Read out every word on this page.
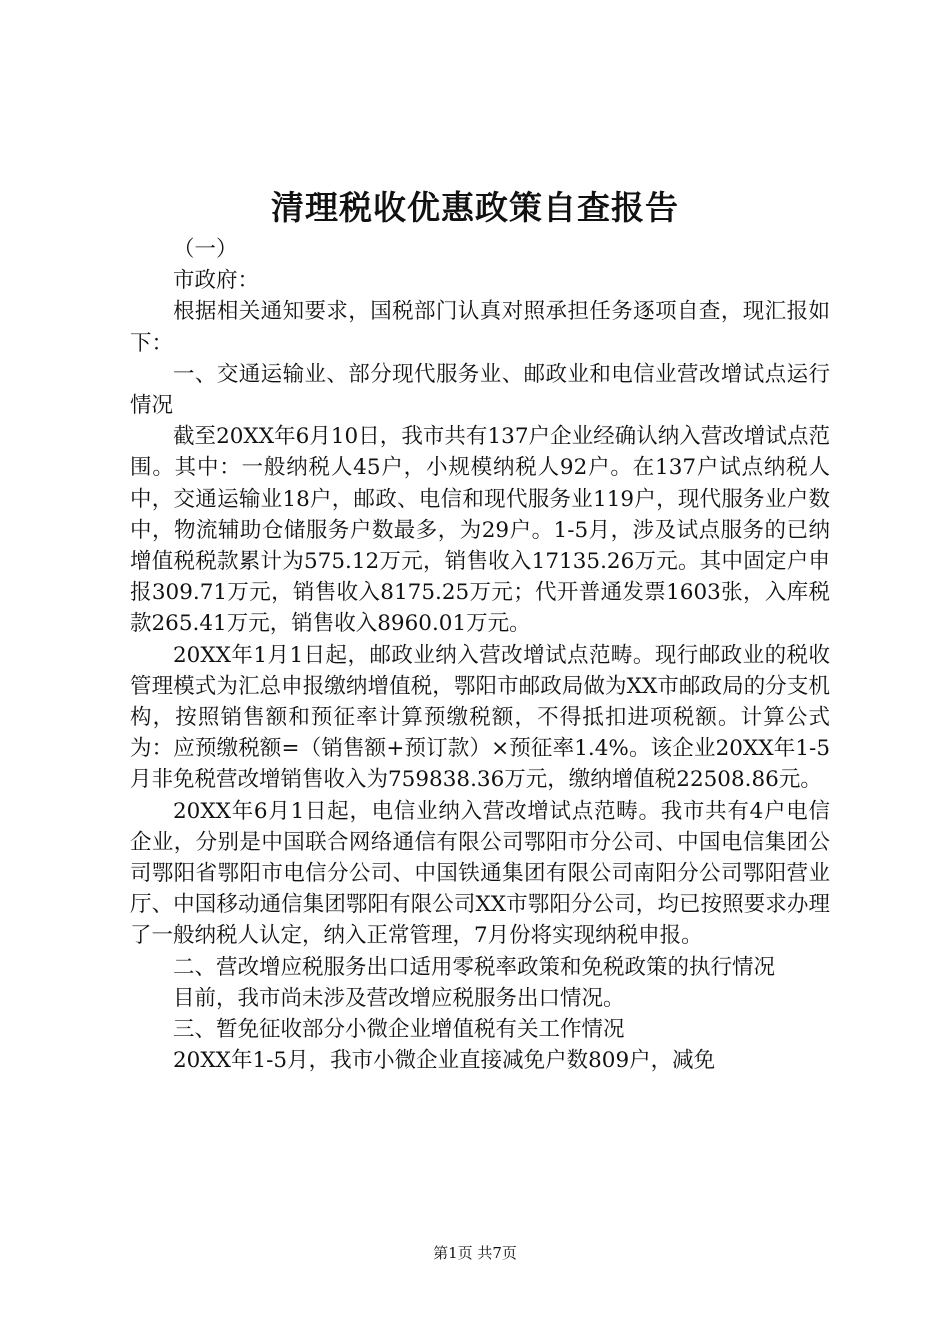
清理税收优惠政策自查报告

（一）

市政府：

根据相关通知要求，国税部门认真对照承担任务逐项自查，现汇报如下：

一、交通运输业、部分现代服务业、邮政业和电信业营改增试点运行情况

截至20XX年6月10日，我市共有137户企业经确认纳入营改增试点范围。其中：一般纳税人45户，小规模纳税人92户。在137户试点纳税人中，交通运输业18户，邮政、电信和现代服务业119户，现代服务业户数中，物流辅助仓储服务户数最多，为29户。1-5月，涉及试点服务的已纳增值税税款累计为575.12万元，销售收入17135.26万元。其中固定户申报309.71万元，销售收入8175.25万元；代开普通发票1603张，入库税款265.41万元，销售收入8960.01万元。

20XX年1月1日起，邮政业纳入营改增试点范畴。现行邮政业的税收管理模式为汇总申报缴纳增值税，鄂阳市邮政局做为XX市邮政局的分支机构，按照销售额和预征率计算预缴税额，不得抵扣进项税额。计算公式为：应预缴税额=（销售额+预订款）×预征率1.4%。该企业20XX年1-5月非免税营改增销售收入为759838.36万元，缴纳增值税22508.86元。

20XX年6月1日起，电信业纳入营改增试点范畴。我市共有4户电信企业，分别是中国联合网络通信有限公司鄂阳市分公司、中国电信集团公司鄂阳省鄂阳市电信分公司、中国铁通集团有限公司南阳分公司鄂阳营业厅、中国移动通信集团鄂阳有限公司XX市鄂阳分公司，均已按照要求办理了一般纳税人认定，纳入正常管理，7月份将实现纳税申报。

二、营改增应税服务出口适用零税率政策和免税政策的执行情况

目前，我市尚未涉及营改增应税服务出口情况。

三、暂免征收部分小微企业增值税有关工作情况

20XX年1-5月，我市小微企业直接减免户数809户，减免

第1页 共7页
